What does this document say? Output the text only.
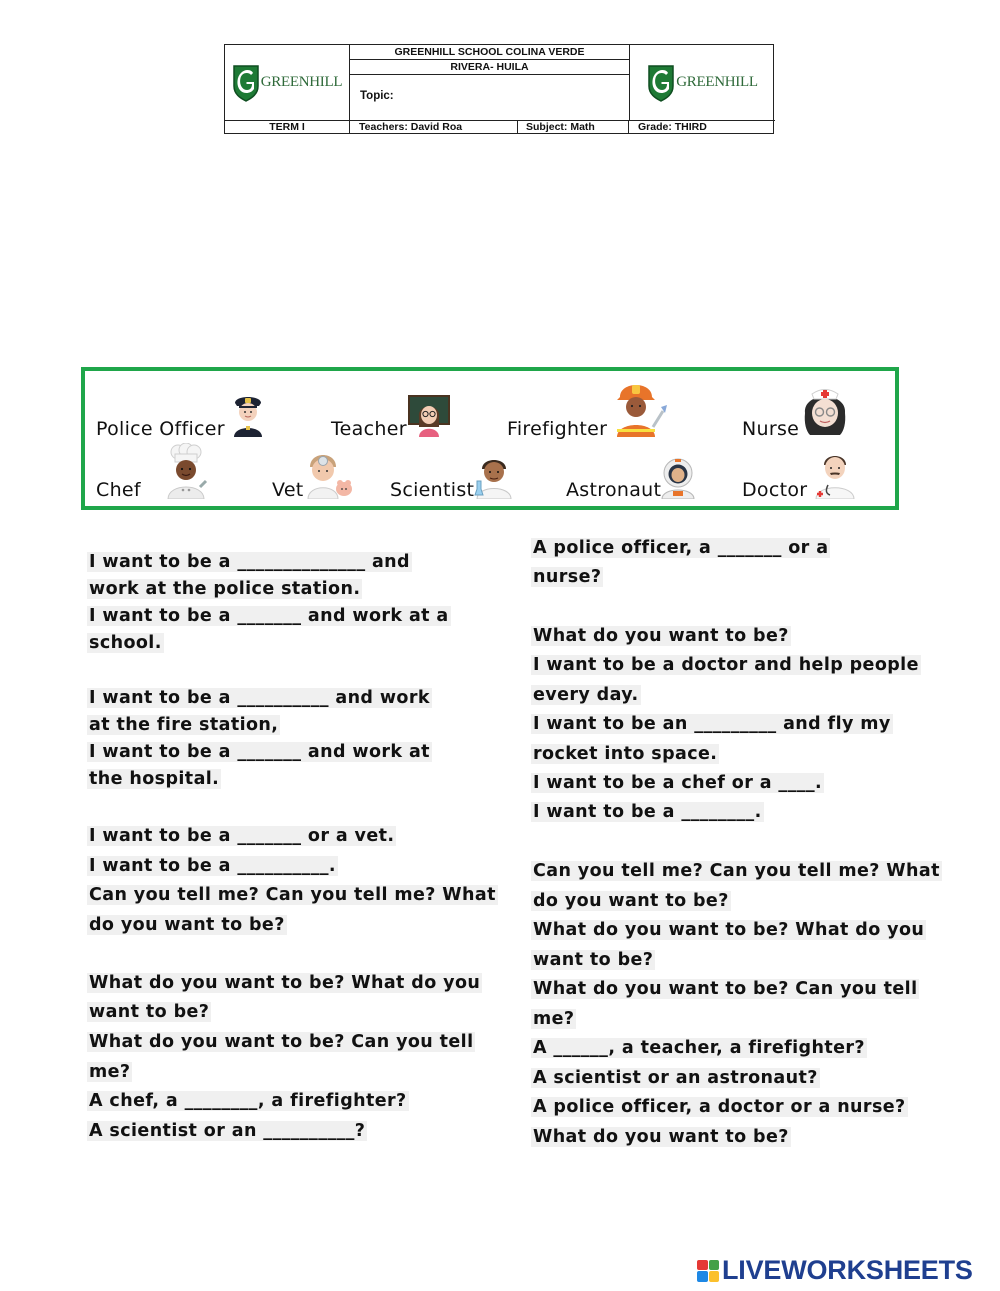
GREENHILL
GREENHILL SCHOOL COLINA VERDE
RIVERA- HUILA
Topic:
GREENHILL
TERM I	Teachers: David Roa	Subject: Math	Grade: THIRD
Police Officer	Teacher	Firefighter	Nurse
Chef	Vet	Scientist	Astronaut	Doctor
I want to be a ______________ and
work at the police station.
I want to be a _______ and work at a
school.
I want to be a __________ and work
at the fire station,
I want to be a _______ and work at
the hospital.
I want to be a _______ or a vet.
I want to be a __________.
Can you tell me? Can you tell me? What
do you want to be?
What do you want to be? What do you
want to be?
What do you want to be? Can you tell
me?
A chef, a ________, a firefighter?
A scientist or an __________?
A police officer, a _______ or a
nurse?
What do you want to be?
I want to be a doctor and help people
every day.
I want to be an _________ and fly my
rocket into space.
I want to be a chef or a ____.
I want to be a ________.
Can you tell me? Can you tell me? What
do you want to be?
What do you want to be? What do you
want to be?
What do you want to be? Can you tell
me?
A ______, a teacher, a firefighter?
A scientist or an astronaut?
A police officer, a doctor or a nurse?
What do you want to be?
LIVEWORKSHEETS
